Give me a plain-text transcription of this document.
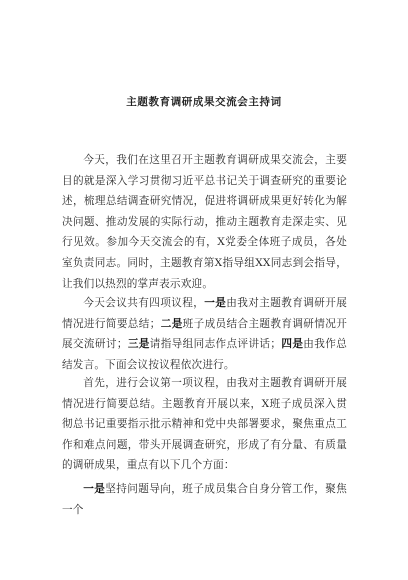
主题教育调研成果交流会主持词

今天，我们在这里召开主题教育调研成果交流会，主要目的就是深入学习贯彻习近平总书记关于调查研究的重要论述，梳理总结调查研究情况，促进将调研成果更好转化为解决问题、推动发展的实际行动，推动主题教育走深走实、见行见效。参加今天交流会的有，X党委全体班子成员，各处室负责同志。同时，主题教育第X指导组XX同志到会指导，让我们以热烈的掌声表示欢迎。

今天会议共有四项议程，一是由我对主题教育调研开展情况进行简要总结；二是班子成员结合主题教育调研情况开展交流研讨；三是请指导组同志作点评讲话；四是由我作总结发言。下面会议按议程依次进行。

首先，进行会议第一项议程，由我对主题教育调研开展情况进行简要总结。主题教育开展以来，X班子成员深入贯彻总书记重要指示批示精神和党中央部署要求，聚焦重点工作和难点问题，带头开展调查研究，形成了有分量、有质量的调研成果，重点有以下几个方面：

一是坚持问题导向，班子成员集合自身分管工作，聚焦一个
